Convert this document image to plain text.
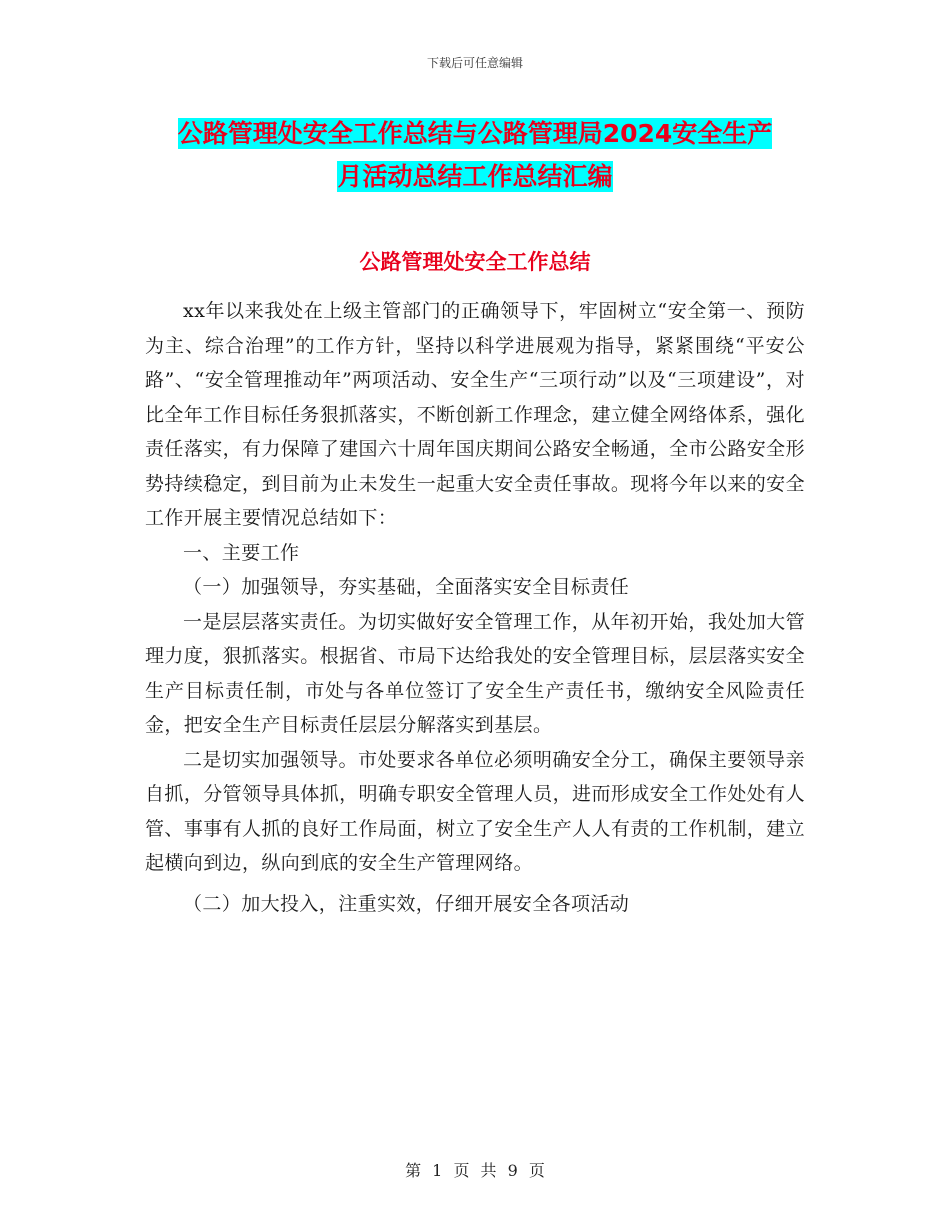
下载后可任意编辑
公路管理处安全工作总结与公路管理局2024安全生产
月活动总结工作总结汇编
公路管理处安全工作总结

xx年以来我处在上级主管部门的正确领导下，牢固树立“安全第一、预防为主、综合治理”的工作方针，坚持以科学进展观为指导，紧紧围绕“平安公路”、“安全管理推动年”两项活动、安全生产“三项行动”以及“三项建设”，对比全年工作目标任务狠抓落实，不断创新工作理念，建立健全网络体系，强化责任落实，有力保障了建国六十周年国庆期间公路安全畅通，全市公路安全形势持续稳定，到目前为止未发生一起重大安全责任事故。现将今年以来的安全工作开展主要情况总结如下：

一、主要工作

（一）加强领导，夯实基础，全面落实安全目标责任

一是层层落实责任。为切实做好安全管理工作，从年初开始，我处加大管理力度，狠抓落实。根据省、市局下达给我处的安全管理目标，层层落实安全生产目标责任制，市处与各单位签订了安全生产责任书，缴纳安全风险责任金，把安全生产目标责任层层分解落实到基层。

二是切实加强领导。市处要求各单位必须明确安全分工，确保主要领导亲自抓，分管领导具体抓，明确专职安全管理人员，进而形成安全工作处处有人管、事事有人抓的良好工作局面，树立了安全生产人人有责的工作机制，建立起横向到边，纵向到底的安全生产管理网络。

（二）加大投入，注重实效，仔细开展安全各项活动

第 1 页 共 9 页
